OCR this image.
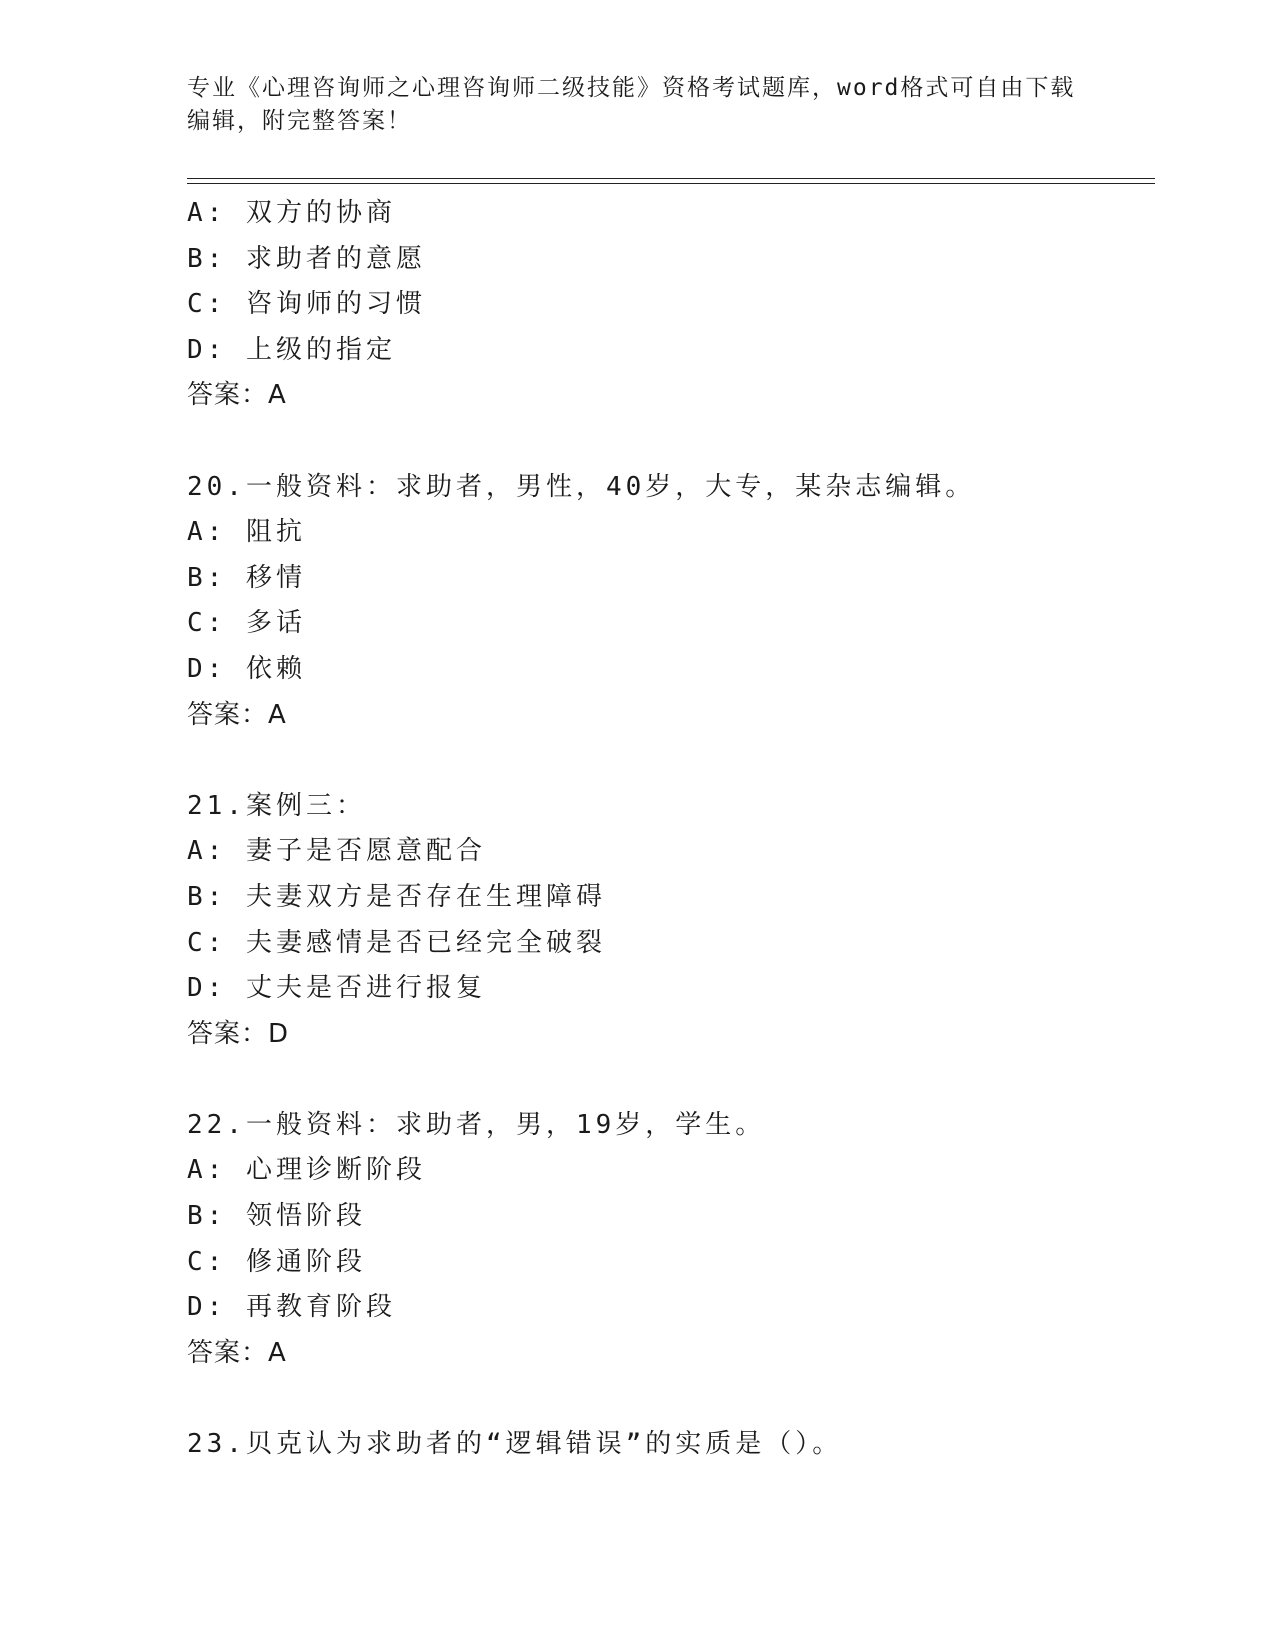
专业《心理咨询师之心理咨询师二级技能》资格考试题库，word格式可自由下载
编辑，附完整答案！
A: 双方的协商
B: 求助者的意愿
C: 咨询师的习惯
D: 上级的指定
答案：A
20.一般资料：求助者，男性，40岁，大专，某杂志编辑。
A: 阻抗
B: 移情
C: 多话
D: 依赖
答案：A
21.案例三：
A: 妻子是否愿意配合
B: 夫妻双方是否存在生理障碍
C: 夫妻感情是否已经完全破裂
D: 丈夫是否进行报复
答案：D
22.一般资料：求助者，男，19岁，学生。
A: 心理诊断阶段
B: 领悟阶段
C: 修通阶段
D: 再教育阶段
答案：A
23.贝克认为求助者的“逻辑错误”的实质是（）。
